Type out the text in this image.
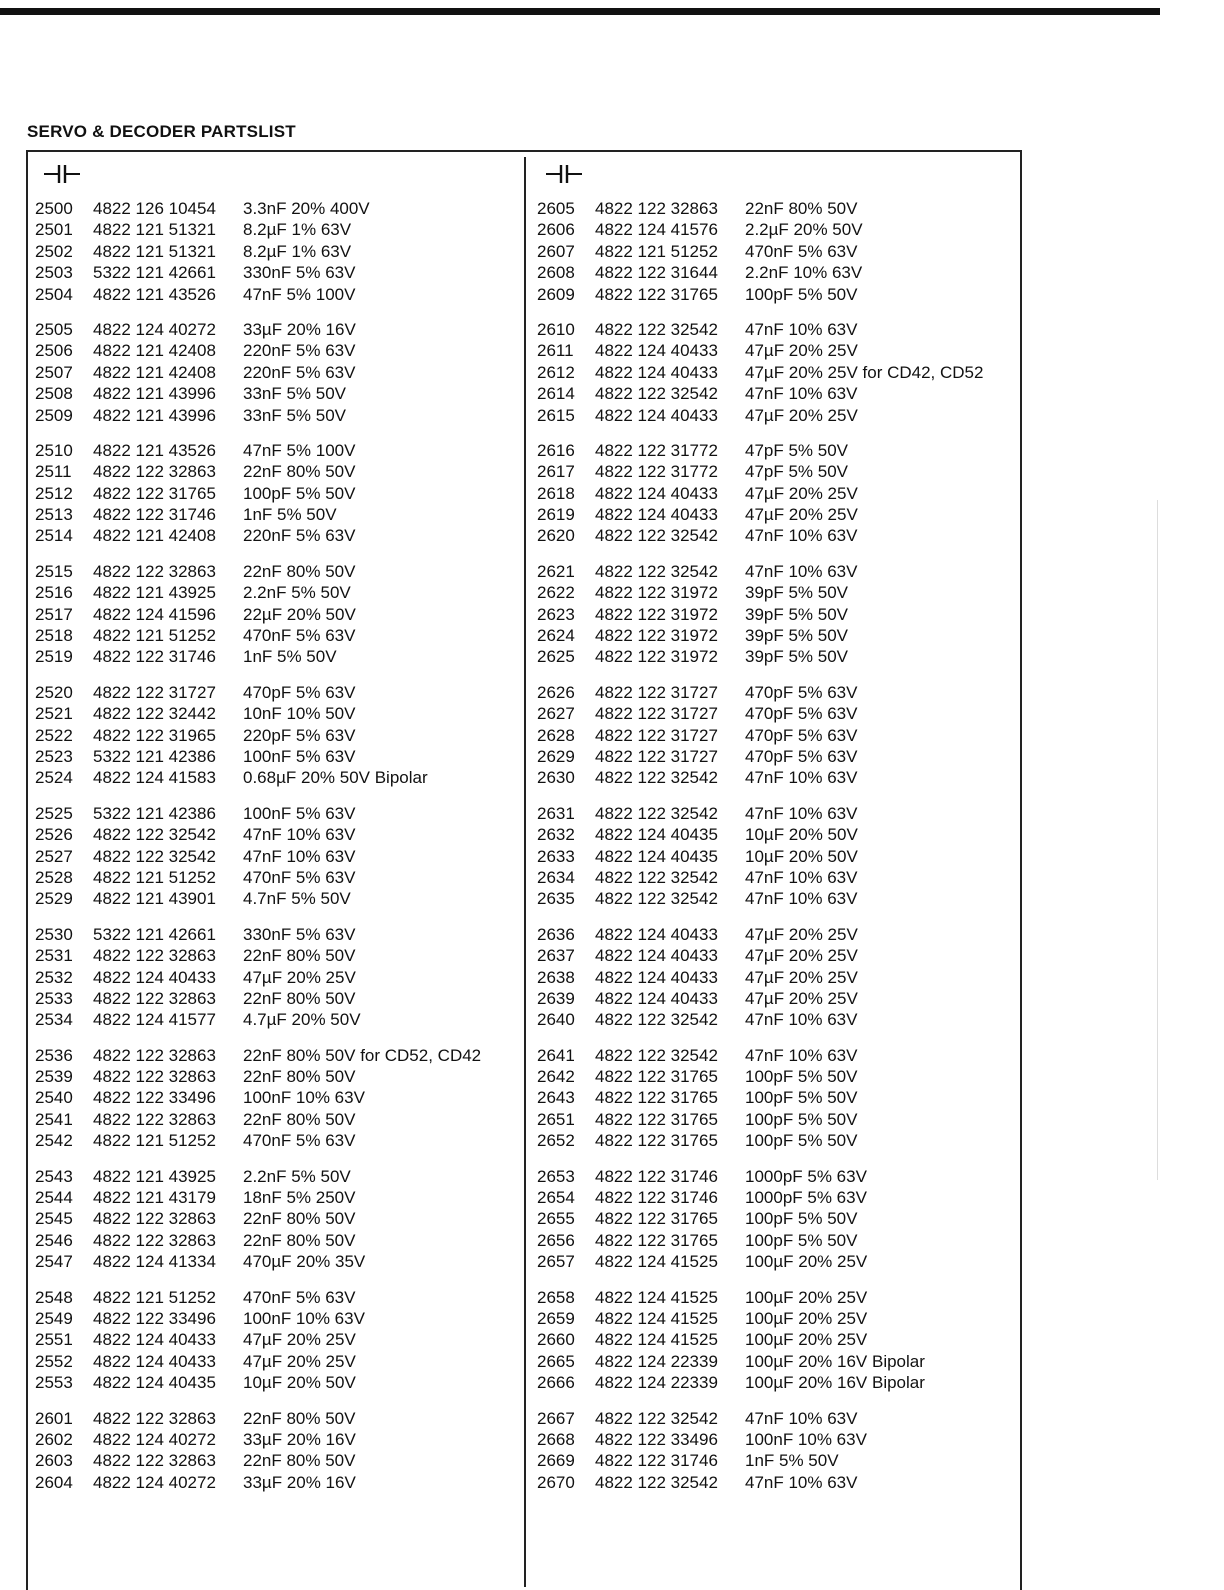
SERVO & DECODER PARTSLIST
2500	4822 126 10454	3.3nF 20% 400V
2501	4822 121 51321	8.2µF 1% 63V
2502	4822 121 51321	8.2µF 1% 63V
2503	5322 121 42661	330nF 5% 63V
2504	4822 121 43526	47nF 5% 100V
2505	4822 124 40272	33µF 20% 16V
2506	4822 121 42408	220nF 5% 63V
2507	4822 121 42408	220nF 5% 63V
2508	4822 121 43996	33nF 5% 50V
2509	4822 121 43996	33nF 5% 50V
2510	4822 121 43526	47nF 5% 100V
2511	4822 122 32863	22nF 80% 50V
2512	4822 122 31765	100pF 5% 50V
2513	4822 122 31746	1nF 5% 50V
2514	4822 121 42408	220nF 5% 63V
2515	4822 122 32863	22nF 80% 50V
2516	4822 121 43925	2.2nF 5% 50V
2517	4822 124 41596	22µF 20% 50V
2518	4822 121 51252	470nF 5% 63V
2519	4822 122 31746	1nF 5% 50V
2520	4822 122 31727	470pF 5% 63V
2521	4822 122 32442	10nF 10% 50V
2522	4822 122 31965	220pF 5% 63V
2523	5322 121 42386	100nF 5% 63V
2524	4822 124 41583	0.68µF 20% 50V Bipolar
2525	5322 121 42386	100nF 5% 63V
2526	4822 122 32542	47nF 10% 63V
2527	4822 122 32542	47nF 10% 63V
2528	4822 121 51252	470nF 5% 63V
2529	4822 121 43901	4.7nF 5% 50V
2530	5322 121 42661	330nF 5% 63V
2531	4822 122 32863	22nF 80% 50V
2532	4822 124 40433	47µF 20% 25V
2533	4822 122 32863	22nF 80% 50V
2534	4822 124 41577	4.7µF 20% 50V
2536	4822 122 32863	22nF 80% 50V for CD52, CD42
2539	4822 122 32863	22nF 80% 50V
2540	4822 122 33496	100nF 10% 63V
2541	4822 122 32863	22nF 80% 50V
2542	4822 121 51252	470nF 5% 63V
2543	4822 121 43925	2.2nF 5% 50V
2544	4822 121 43179	18nF 5% 250V
2545	4822 122 32863	22nF 80% 50V
2546	4822 122 32863	22nF 80% 50V
2547	4822 124 41334	470µF 20% 35V
2548	4822 121 51252	470nF 5% 63V
2549	4822 122 33496	100nF 10% 63V
2551	4822 124 40433	47µF 20% 25V
2552	4822 124 40433	47µF 20% 25V
2553	4822 124 40435	10µF 20% 50V
2601	4822 122 32863	22nF 80% 50V
2602	4822 124 40272	33µF 20% 16V
2603	4822 122 32863	22nF 80% 50V
2604	4822 124 40272	33µF 20% 16V
2605	4822 122 32863	22nF 80% 50V
2606	4822 124 41576	2.2µF 20% 50V
2607	4822 121 51252	470nF 5% 63V
2608	4822 122 31644	2.2nF 10% 63V
2609	4822 122 31765	100pF 5% 50V
2610	4822 122 32542	47nF 10% 63V
2611	4822 124 40433	47µF 20% 25V
2612	4822 124 40433	47µF 20% 25V for CD42, CD52
2614	4822 122 32542	47nF 10% 63V
2615	4822 124 40433	47µF 20% 25V
2616	4822 122 31772	47pF 5% 50V
2617	4822 122 31772	47pF 5% 50V
2618	4822 124 40433	47µF 20% 25V
2619	4822 124 40433	47µF 20% 25V
2620	4822 122 32542	47nF 10% 63V
2621	4822 122 32542	47nF 10% 63V
2622	4822 122 31972	39pF 5% 50V
2623	4822 122 31972	39pF 5% 50V
2624	4822 122 31972	39pF 5% 50V
2625	4822 122 31972	39pF 5% 50V
2626	4822 122 31727	470pF 5% 63V
2627	4822 122 31727	470pF 5% 63V
2628	4822 122 31727	470pF 5% 63V
2629	4822 122 31727	470pF 5% 63V
2630	4822 122 32542	47nF 10% 63V
2631	4822 122 32542	47nF 10% 63V
2632	4822 124 40435	10µF 20% 50V
2633	4822 124 40435	10µF 20% 50V
2634	4822 122 32542	47nF 10% 63V
2635	4822 122 32542	47nF 10% 63V
2636	4822 124 40433	47µF 20% 25V
2637	4822 124 40433	47µF 20% 25V
2638	4822 124 40433	47µF 20% 25V
2639	4822 124 40433	47µF 20% 25V
2640	4822 122 32542	47nF 10% 63V
2641	4822 122 32542	47nF 10% 63V
2642	4822 122 31765	100pF 5% 50V
2643	4822 122 31765	100pF 5% 50V
2651	4822 122 31765	100pF 5% 50V
2652	4822 122 31765	100pF 5% 50V
2653	4822 122 31746	1000pF 5% 63V
2654	4822 122 31746	1000pF 5% 63V
2655	4822 122 31765	100pF 5% 50V
2656	4822 122 31765	100pF 5% 50V
2657	4822 124 41525	100µF 20% 25V
2658	4822 124 41525	100µF 20% 25V
2659	4822 124 41525	100µF 20% 25V
2660	4822 124 41525	100µF 20% 25V
2665	4822 124 22339	100µF 20% 16V Bipolar
2666	4822 124 22339	100µF 20% 16V Bipolar
2667	4822 122 32542	47nF 10% 63V
2668	4822 122 33496	100nF 10% 63V
2669	4822 122 31746	1nF 5% 50V
2670	4822 122 32542	47nF 10% 63V
